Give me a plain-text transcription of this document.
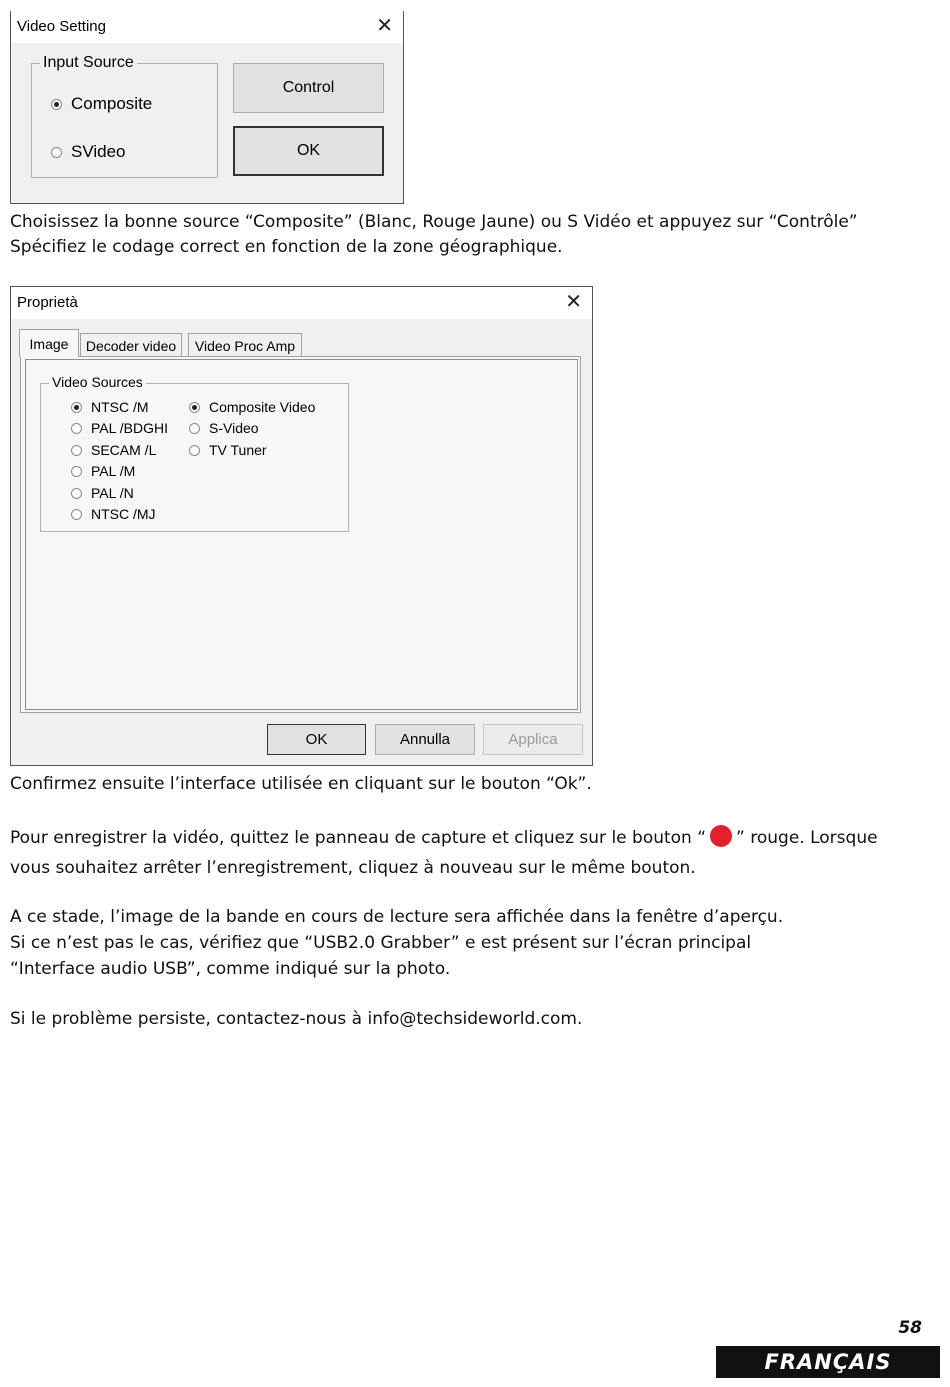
Video Setting	✕
Input Source
Composite
SVideo
Control
OK

Choisissez la bonne source “Composite” (Blanc, Rouge Jaune) ou S Vidéo et appuyez sur “Contrôle”

Spécifiez le codage correct en fonction de la zone géographique.

Proprietà	✕
Image Decoder video Video Proc Amp
Video Sources
NTSC /M
PAL /BDGHI
SECAM /L
PAL /M
PAL /N
NTSC /MJ
Composite Video
S-Video
TV Tuner
OK	Annulla	Applica

Confirmez ensuite l’interface utilisée en cliquant sur le bouton “Ok”.

Pour enregistrer la vidéo, quittez le panneau de capture et cliquez sur le bouton “ ” rouge. Lorsque vous souhaitez arrêter l’enregistrement, cliquez à nouveau sur le même bouton.

A ce stade, l’image de la bande en cours de lecture sera affichée dans la fenêtre d’aperçu.

Si ce n’est pas le cas, vérifiez que “USB2.0 Grabber” e est présent sur l’écran principal

“Interface audio USB”, comme indiqué sur la photo.

Si le problème persiste, contactez-nous à info@techsideworld.com.

58
FRANÇAIS
